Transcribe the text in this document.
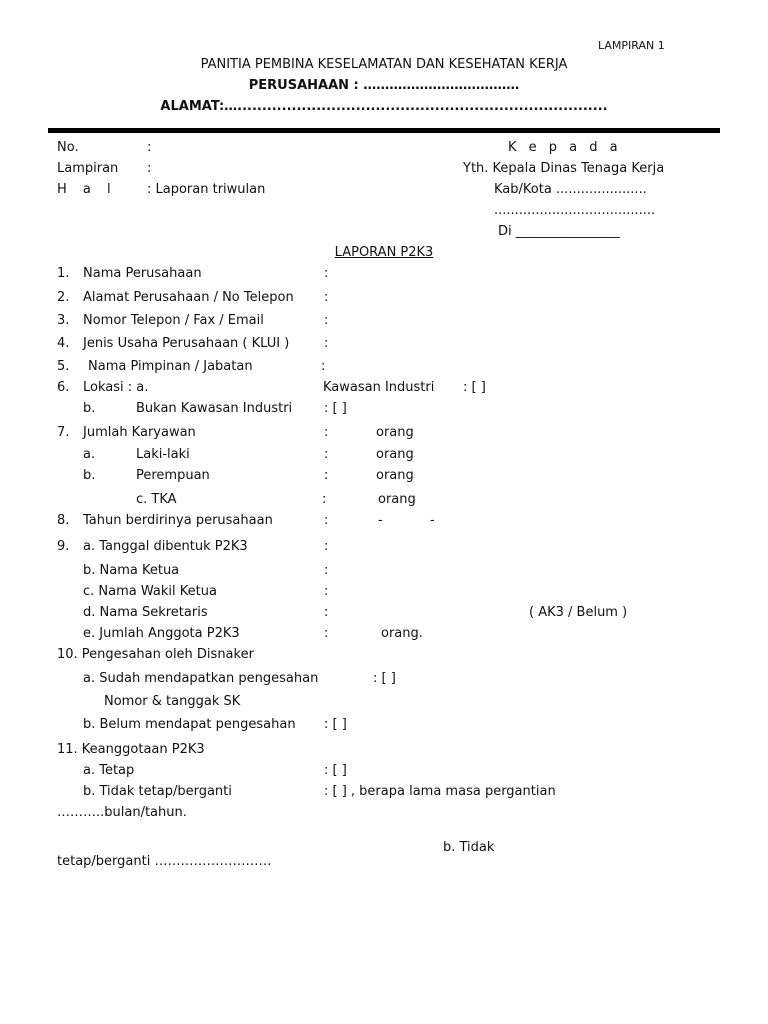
LAMPIRAN 1
PANITIA PEMBINA KESELAMATAN DAN KESEHATAN KERJA
PERUSAHAAN : ………………………………
ALAMAT:…...........................................................................
No.	:
Lampiran :
H a l : Laporan triwulan
K e p a d a
Yth. Kepala Dinas Tenaga Kerja
Kab/Kota ......................
.......................................
Di ________________
LAPORAN P2K3
1. Nama Perusahaan	:
2. Alamat Perusahaan / No Telepon :
3. Nomor Telepon / Fax / Email	:
4. Jenis Usaha Perusahaan ( KLUI )	:
5. Nama Pimpinan / Jabatan	:
6. Lokasi : a.	Kawasan Industri : [ ]
b.	Bukan Kawasan Industri : [ ]
7. Jumlah Karyawan	:	orang
a.	Laki-laki	:	orang
b.	Perempuan	:	orang
c. TKA	:	orang
8. Tahun berdirinya perusahaan	:	-	-
9. a. Tanggal dibentuk P2K3	:
b. Nama Ketua	:
c. Nama Wakil Ketua	:
d. Nama Sekretaris	:	( AK3 / Belum )
e. Jumlah Anggota P2K3	:	orang.
10. Pengesahan oleh Disnaker
a. Sudah mendapatkan pengesahan	: [ ]
Nomor & tanggak SK
b. Belum mendapat pengesahan : [ ]
11. Keanggotaan P2K3
a. Tetap	: [ ]
b. Tidak tetap/berganti	: [ ] , berapa lama masa pergantian
………..bulan/tahun.
b. Tidak
tetap/berganti ………………………
